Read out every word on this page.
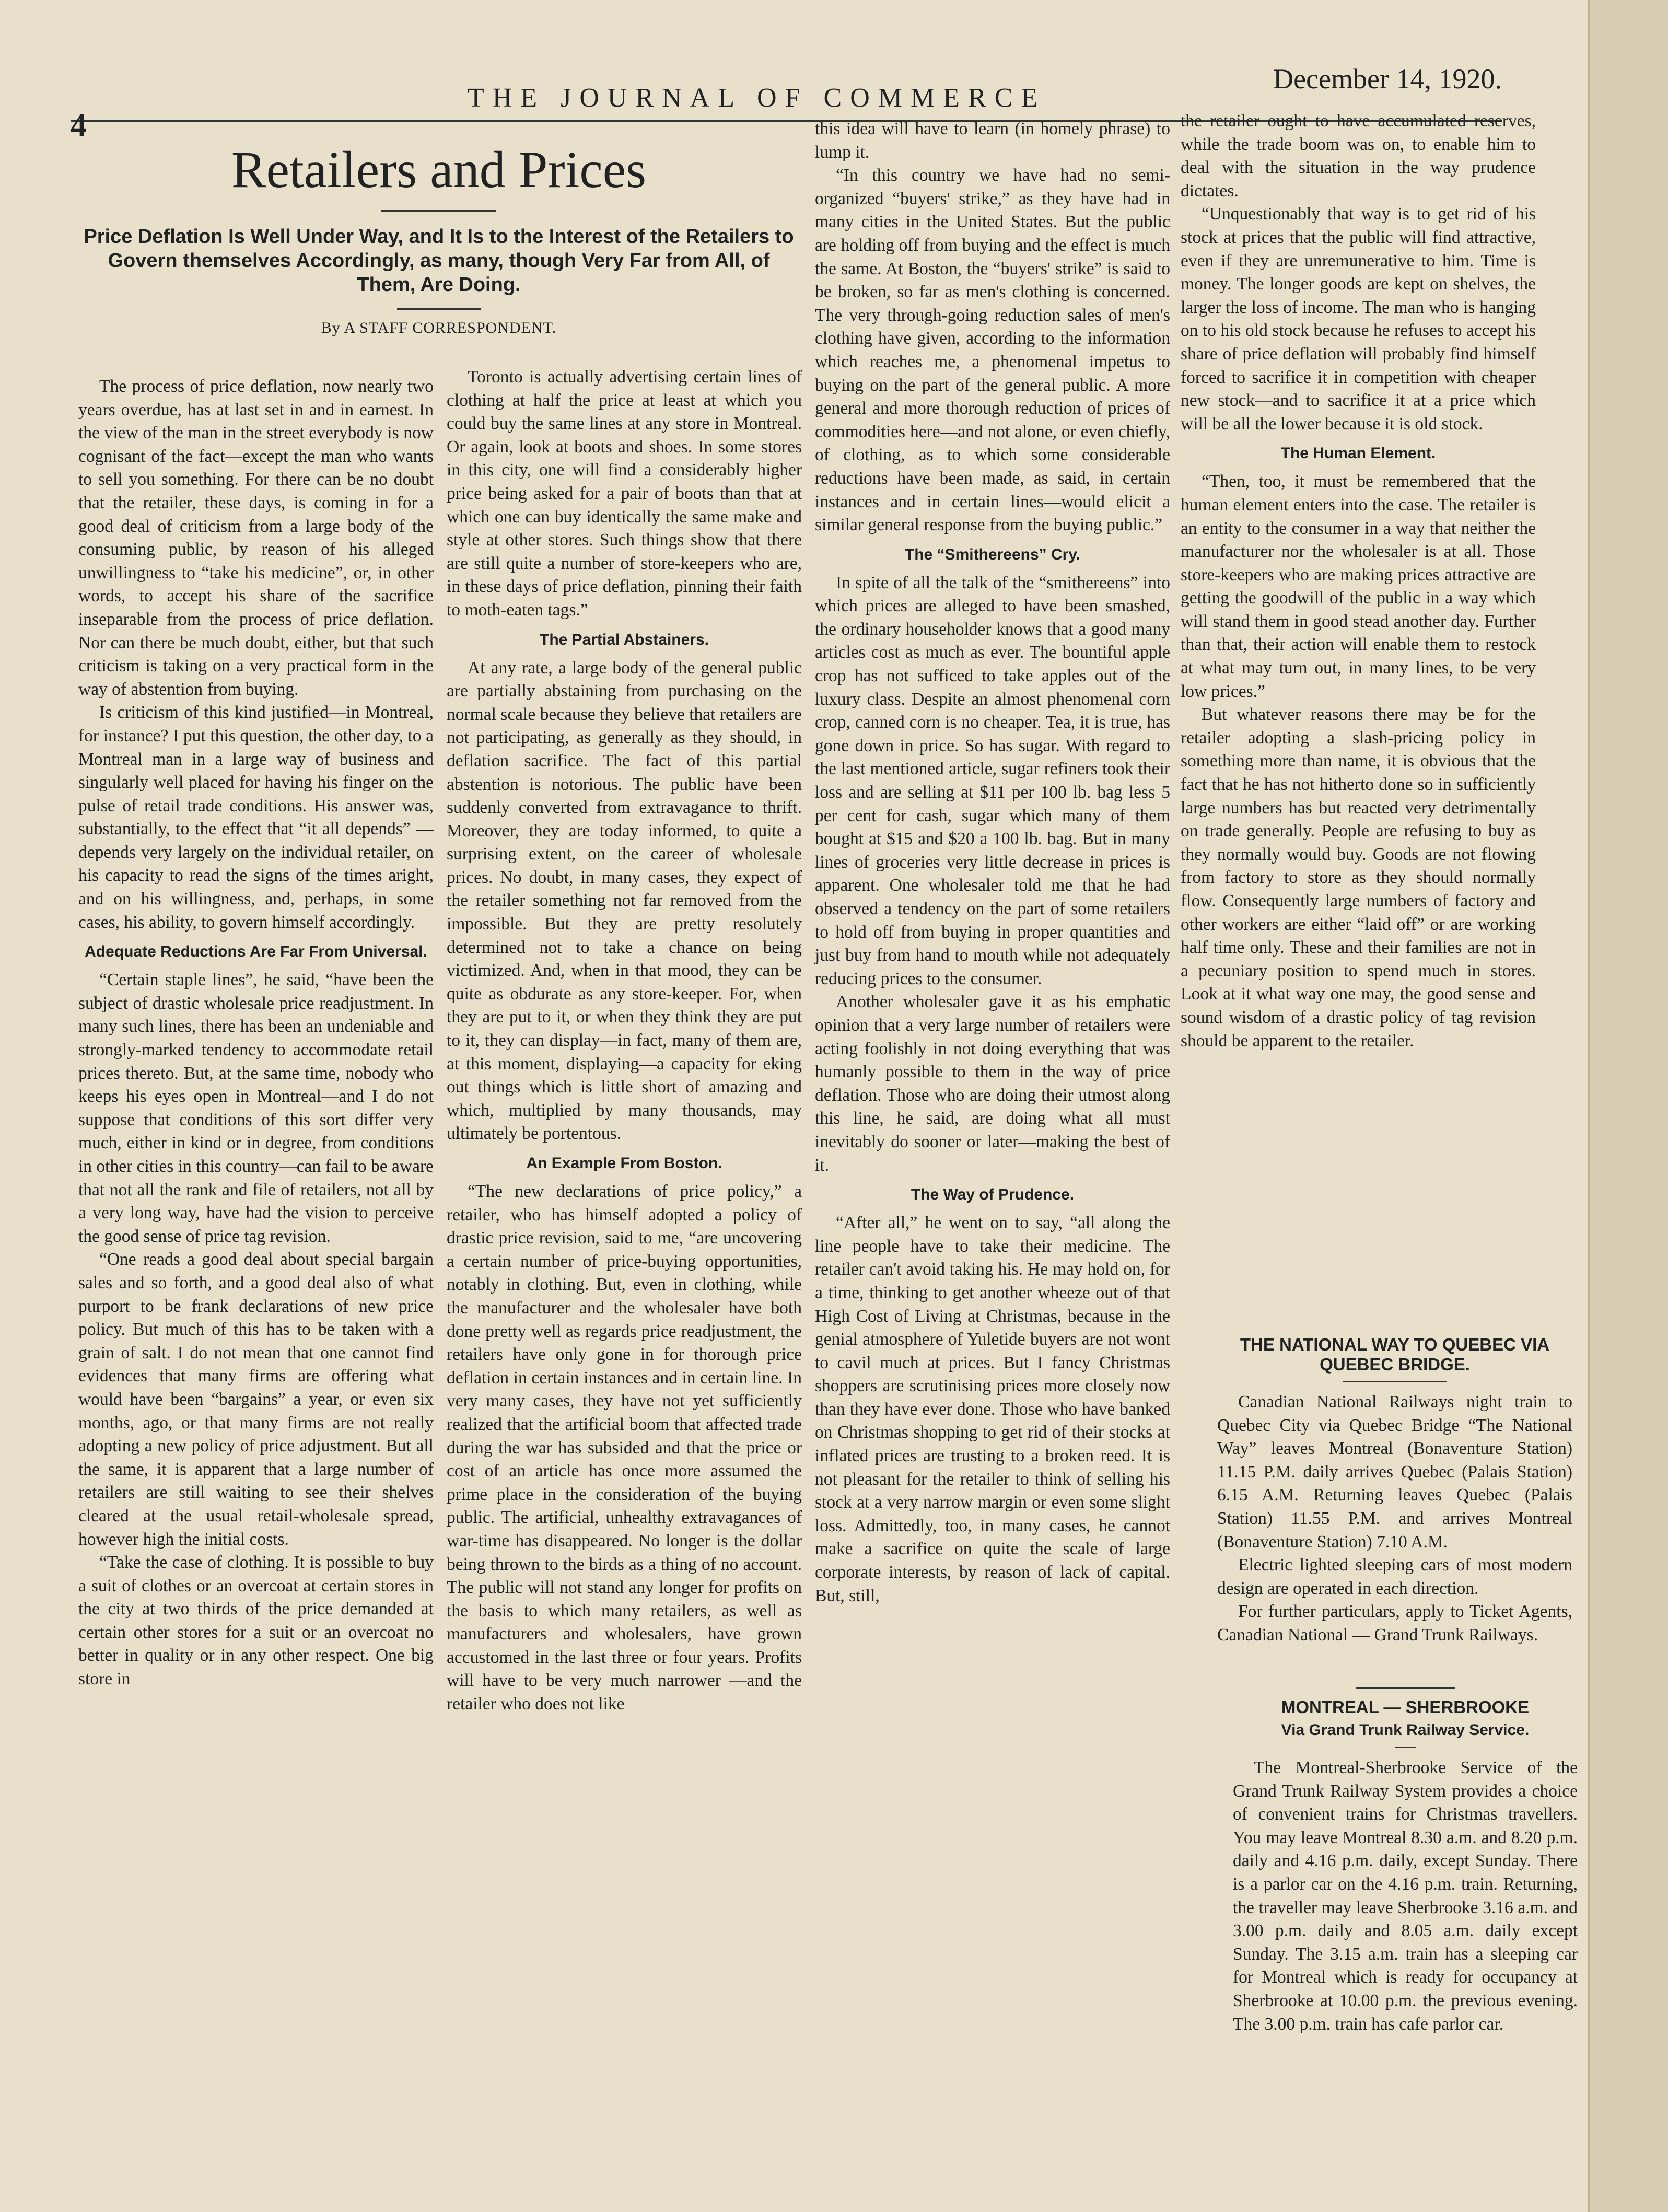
THE JOURNAL OF COMMERCE
December 14, 1920.
4
Retailers and Prices
Price Deflation Is Well Under Way, and It Is to the Interest of the Retailers to Govern themselves Accordingly, as many, though Very Far from All, of Them, Are Doing.
By A STAFF CORRESPONDENT.

The process of price deflation, now nearly two years overdue, has at last set in and in earnest. In the view of the man in the street everybody is now cognisant of the fact—except the man who wants to sell you something. For there can be no doubt that the retailer, these days, is coming in for a good deal of criticism from a large body of the consuming public, by reason of his alleged unwillingness to “take his medicine”, or, in other words, to accept his share of the sacrifice inseparable from the process of price deflation. Nor can there be much doubt, either, but that such criticism is taking on a very practical form in the way of abstention from buying.

Is criticism of this kind justified—in Montreal, for instance? I put this question, the other day, to a Montreal man in a large way of business and singularly well placed for having his finger on the pulse of retail trade conditions. His answer was, substantially, to the effect that “it all depends” —depends very largely on the individual retailer, on his capacity to read the signs of the times aright, and on his willingness, and, perhaps, in some cases, his ability, to govern himself accordingly.

Adequate Reductions Are Far From Universal.

“Certain staple lines”, he said, “have been the subject of drastic wholesale price readjustment. In many such lines, there has been an undeniable and strongly-marked tendency to accommodate retail prices thereto. But, at the same time, nobody who keeps his eyes open in Montreal—and I do not suppose that conditions of this sort differ very much, either in kind or in degree, from conditions in other cities in this country—can fail to be aware that not all the rank and file of retailers, not all by a very long way, have had the vision to perceive the good sense of price tag revision.

“One reads a good deal about special bargain sales and so forth, and a good deal also of what purport to be frank declarations of new price policy. But much of this has to be taken with a grain of salt. I do not mean that one cannot find evidences that many firms are offering what would have been “bargains” a year, or even six months, ago, or that many firms are not really adopting a new policy of price adjustment. But all the same, it is apparent that a large number of retailers are still waiting to see their shelves cleared at the usual retail-wholesale spread, however high the initial costs.

“Take the case of clothing. It is possible to buy a suit of clothes or an overcoat at certain stores in the city at two thirds of the price demanded at certain other stores for a suit or an overcoat no better in quality or in any other respect. One big store in

Toronto is actually advertising certain lines of clothing at half the price at least at which you could buy the same lines at any store in Montreal. Or again, look at boots and shoes. In some stores in this city, one will find a considerably higher price being asked for a pair of boots than that at which one can buy identically the same make and style at other stores. Such things show that there are still quite a number of store-keepers who are, in these days of price deflation, pinning their faith to moth-eaten tags.”

The Partial Abstainers.

At any rate, a large body of the general public are partially abstaining from purchasing on the normal scale because they believe that retailers are not participating, as generally as they should, in deflation sacrifice. The fact of this partial abstention is notorious. The public have been suddenly converted from extravagance to thrift. Moreover, they are today informed, to quite a surprising extent, on the career of wholesale prices. No doubt, in many cases, they expect of the retailer something not far removed from the impossible. But they are pretty resolutely determined not to take a chance on being victimized. And, when in that mood, they can be quite as obdurate as any store-keeper. For, when they are put to it, or when they think they are put to it, they can display—in fact, many of them are, at this moment, displaying—a capacity for eking out things which is little short of amazing and which, multiplied by many thousands, may ultimately be portentous.

An Example From Boston.

“The new declarations of price policy,” a retailer, who has himself adopted a policy of drastic price revision, said to me, “are uncovering a certain number of price-buying opportunities, notably in clothing. But, even in clothing, while the manufacturer and the wholesaler have both done pretty well as regards price readjustment, the retailers have only gone in for thorough price deflation in certain instances and in certain line. In very many cases, they have not yet sufficiently realized that the artificial boom that affected trade during the war has subsided and that the price or cost of an article has once more assumed the prime place in the consideration of the buying public. The artificial, unhealthy extravagances of war-time has disappeared. No longer is the dollar being thrown to the birds as a thing of no account. The public will not stand any longer for profits on the basis to which many retailers, as well as manufacturers and wholesalers, have grown accustomed in the last three or four years. Profits will have to be very much narrower —and the retailer who does not like

this idea will have to learn (in homely phrase) to lump it.

“In this country we have had no semi-organized “buyers' strike,” as they have had in many cities in the United States. But the public are holding off from buying and the effect is much the same. At Boston, the “buyers' strike” is said to be broken, so far as men's clothing is concerned. The very through-going reduction sales of men's clothing have given, according to the information which reaches me, a phenomenal impetus to buying on the part of the general public. A more general and more thorough reduction of prices of commodities here—and not alone, or even chiefly, of clothing, as to which some considerable reductions have been made, as said, in certain instances and in certain lines—would elicit a similar general response from the buying public.”

The “Smithereens” Cry.

In spite of all the talk of the “smithereens” into which prices are alleged to have been smashed, the ordinary householder knows that a good many articles cost as much as ever. The bountiful apple crop has not sufficed to take apples out of the luxury class. Despite an almost phenomenal corn crop, canned corn is no cheaper. Tea, it is true, has gone down in price. So has sugar. With regard to the last mentioned article, sugar refiners took their loss and are selling at $11 per 100 lb. bag less 5 per cent for cash, sugar which many of them bought at $15 and $20 a 100 lb. bag. But in many lines of groceries very little decrease in prices is apparent. One wholesaler told me that he had observed a tendency on the part of some retailers to hold off from buying in proper quantities and just buy from hand to mouth while not adequately reducing prices to the consumer.

Another wholesaler gave it as his emphatic opinion that a very large number of retailers were acting foolishly in not doing everything that was humanly possible to them in the way of price deflation. Those who are doing their utmost along this line, he said, are doing what all must inevitably do sooner or later—making the best of it.

The Way of Prudence.

“After all,” he went on to say, “all along the line people have to take their medicine. The retailer can't avoid taking his. He may hold on, for a time, thinking to get another wheeze out of that High Cost of Living at Christmas, because in the genial atmosphere of Yuletide buyers are not wont to cavil much at prices. But I fancy Christmas shoppers are scrutinising prices more closely now than they have ever done. Those who have banked on Christmas shopping to get rid of their stocks at inflated prices are trusting to a broken reed. It is not pleasant for the retailer to think of selling his stock at a very narrow margin or even some slight loss. Admittedly, too, in many cases, he cannot make a sacrifice on quite the scale of large corporate interests, by reason of lack of capital. But, still,

the retailer ought to have accumulated reserves, while the trade boom was on, to enable him to deal with the situation in the way prudence dictates.

“Unquestionably that way is to get rid of his stock at prices that the public will find attractive, even if they are unremunerative to him. Time is money. The longer goods are kept on shelves, the larger the loss of income. The man who is hanging on to his old stock because he refuses to accept his share of price deflation will probably find himself forced to sacrifice it in competition with cheaper new stock—and to sacrifice it at a price which will be all the lower because it is old stock.

The Human Element.

“Then, too, it must be remembered that the human element enters into the case. The retailer is an entity to the consumer in a way that neither the manufacturer nor the wholesaler is at all. Those store-keepers who are making prices attractive are getting the goodwill of the public in a way which will stand them in good stead another day. Further than that, their action will enable them to restock at what may turn out, in many lines, to be very low prices.”

But whatever reasons there may be for the retailer adopting a slash-pricing policy in something more than name, it is obvious that the fact that he has not hitherto done so in sufficiently large numbers has but reacted very detrimentally on trade generally. People are refusing to buy as they normally would buy. Goods are not flowing from factory to store as they should normally flow. Consequently large numbers of factory and other workers are either “laid off” or are working half time only. These and their families are not in a pecuniary position to spend much in stores. Look at it what way one may, the good sense and sound wisdom of a drastic policy of tag revision should be apparent to the retailer.

THE NATIONAL WAY TO QUEBEC VIA QUEBEC BRIDGE.

Canadian National Railways night train to Quebec City via Quebec Bridge “The National Way” leaves Montreal (Bonaventure Station) 11.15 P.M. daily arrives Quebec (Palais Station) 6.15 A.M. Returning leaves Quebec (Palais Station) 11.55 P.M. and arrives Montreal (Bonaventure Station) 7.10 A.M.

Electric lighted sleeping cars of most modern design are operated in each direction.

For further particulars, apply to Ticket Agents, Canadian National — Grand Trunk Railways.

MONTREAL — SHERBROOKE
Via Grand Trunk Railway Service.

The Montreal-Sherbrooke Service of the Grand Trunk Railway System provides a choice of convenient trains for Christmas travellers. You may leave Montreal 8.30 a.m. and 8.20 p.m. daily and 4.16 p.m. daily, except Sunday. There is a parlor car on the 4.16 p.m. train. Returning, the traveller may leave Sherbrooke 3.16 a.m. and 3.00 p.m. daily and 8.05 a.m. daily except Sunday. The 3.15 a.m. train has a sleeping car for Montreal which is ready for occupancy at Sherbrooke at 10.00 p.m. the previous evening. The 3.00 p.m. train has cafe parlor car.
